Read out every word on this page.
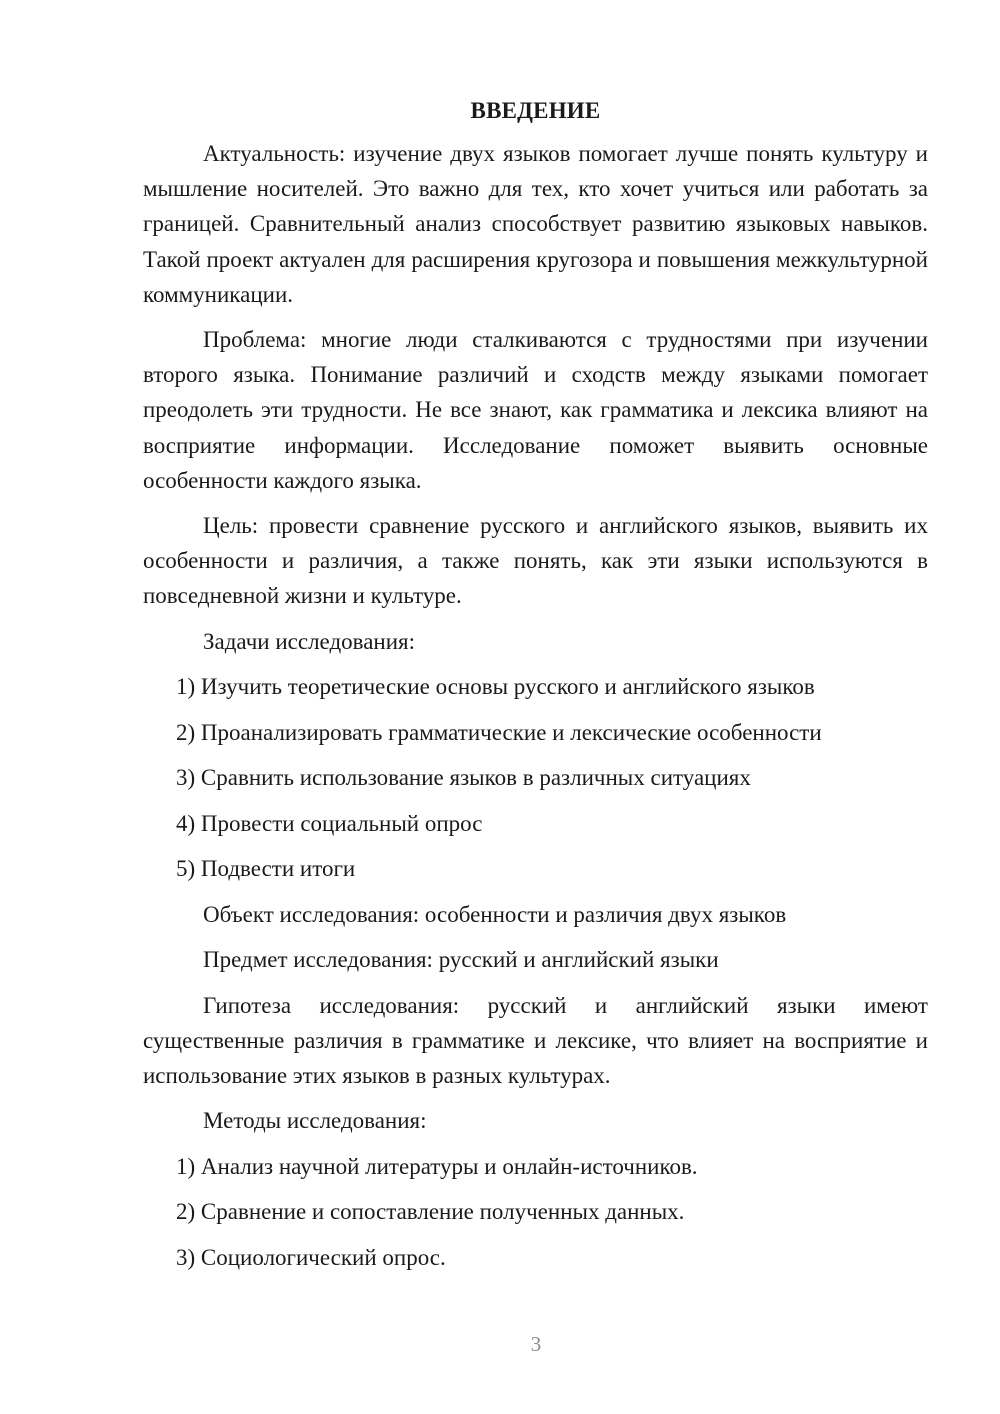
ВВЕДЕНИЕ

Актуальность: изучение двух языков помогает лучше понять культуру и мышление носителей. Это важно для тех, кто хочет учиться или работать за границей. Сравнительный анализ способствует развитию языковых навыков. Такой проект актуален для расширения кругозора и повышения межкультурной коммуникации.

Проблема: многие люди сталкиваются с трудностями при изучении второго языка. Понимание различий и сходств между языками помогает преодолеть эти трудности. Не все знают, как грамматика и лексика влияют на восприятие информации. Исследование поможет выявить основные особенности каждого языка.

Цель: провести сравнение русского и английского языков, выявить их особенности и различия, а также понять, как эти языки используются в повседневной жизни и культуре.

Задачи исследования:
1) Изучить теоретические основы русского и английского языков
2) Проанализировать грамматические и лексические особенности
3) Сравнить использование языков в различных ситуациях
4) Провести социальный опрос
5) Подвести итоги
Объект исследования: особенности и различия двух языков
Предмет исследования: русский и английский языки

Гипотеза исследования: русский и английский языки имеют существенные различия в грамматике и лексике, что влияет на восприятие и использование этих языков в разных культурах.

Методы исследования:
1) Анализ научной литературы и онлайн-источников.
2) Сравнение и сопоставление полученных данных.
3) Социологический опрос.
3
